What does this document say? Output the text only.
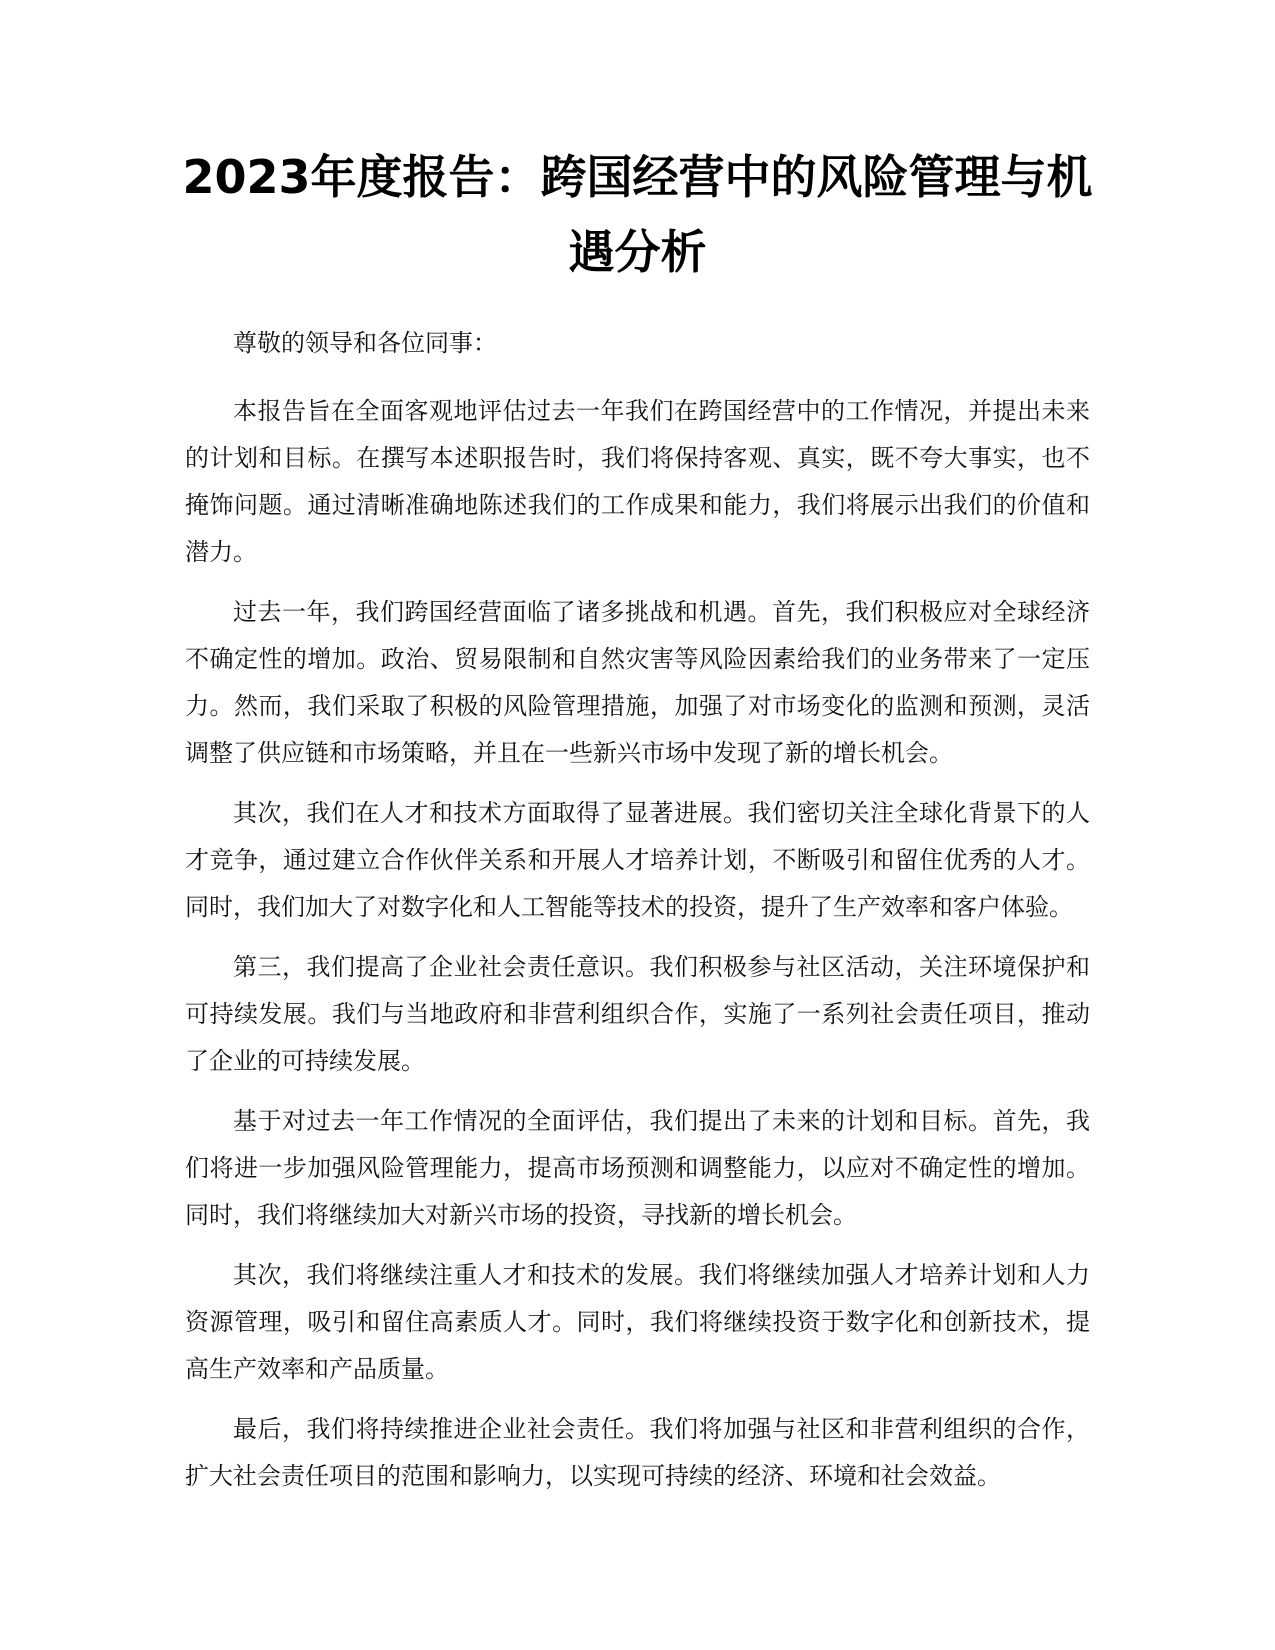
2023年度报告：跨国经营中的风险管理与机遇分析

尊敬的领导和各位同事：

本报告旨在全面客观地评估过去一年我们在跨国经营中的工作情况，并提出未来的计划和目标。在撰写本述职报告时，我们将保持客观、真实，既不夸大事实，也不掩饰问题。通过清晰准确地陈述我们的工作成果和能力，我们将展示出我们的价值和潜力。

过去一年，我们跨国经营面临了诸多挑战和机遇。首先，我们积极应对全球经济不确定性的增加。政治、贸易限制和自然灾害等风险因素给我们的业务带来了一定压力。然而，我们采取了积极的风险管理措施，加强了对市场变化的监测和预测，灵活调整了供应链和市场策略，并且在一些新兴市场中发现了新的增长机会。

其次，我们在人才和技术方面取得了显著进展。我们密切关注全球化背景下的人才竞争，通过建立合作伙伴关系和开展人才培养计划，不断吸引和留住优秀的人才。同时，我们加大了对数字化和人工智能等技术的投资，提升了生产效率和客户体验。

第三，我们提高了企业社会责任意识。我们积极参与社区活动，关注环境保护和可持续发展。我们与当地政府和非营利组织合作，实施了一系列社会责任项目，推动了企业的可持续发展。

基于对过去一年工作情况的全面评估，我们提出了未来的计划和目标。首先，我们将进一步加强风险管理能力，提高市场预测和调整能力，以应对不确定性的增加。同时，我们将继续加大对新兴市场的投资，寻找新的增长机会。

其次，我们将继续注重人才和技术的发展。我们将继续加强人才培养计划和人力资源管理，吸引和留住高素质人才。同时，我们将继续投资于数字化和创新技术，提高生产效率和产品质量。

最后，我们将持续推进企业社会责任。我们将加强与社区和非营利组织的合作，扩大社会责任项目的范围和影响力，以实现可持续的经济、环境和社会效益。
